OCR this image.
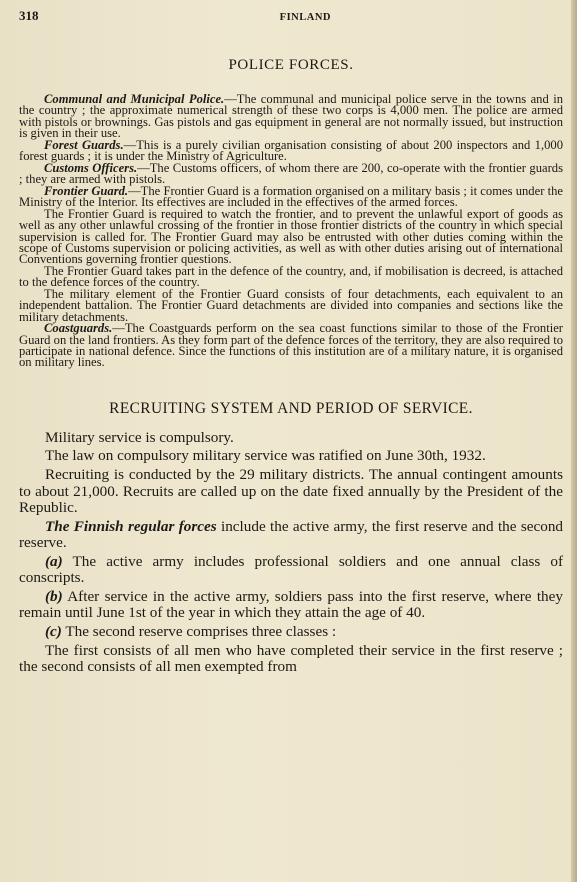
318	FINLAND
POLICE FORCES.

Communal and Municipal Police.—The communal and municipal police serve in the towns and in the country ; the approximate numerical strength of these two corps is 4,000 men. The police are armed with pistols or brownings. Gas pistols and gas equipment in general are not normally issued, but instruction is given in their use.

Forest Guards.—This is a purely civilian organisation consisting of about 200 inspectors and 1,000 forest guards ; it is under the Ministry of Agriculture.

Customs Officers.—The Customs officers, of whom there are 200, co-operate with the frontier guards ; they are armed with pistols.

Frontier Guard.—The Frontier Guard is a formation organised on a military basis ; it comes under the Ministry of the Interior. Its effectives are included in the effectives of the armed forces.

The Frontier Guard is required to watch the frontier, and to prevent the unlawful export of goods as well as any other unlawful crossing of the frontier in those frontier districts of the country in which special supervision is called for. The Frontier Guard may also be entrusted with other duties coming within the scope of Customs supervision or policing activities, as well as with other duties arising out of international Conventions governing frontier questions.

The Frontier Guard takes part in the defence of the country, and, if mobilisation is decreed, is attached to the defence forces of the country.

The military element of the Frontier Guard consists of four detachments, each equivalent to an independent battalion. The Frontier Guard detachments are divided into companies and sections like the military detachments.

Coastguards.—The Coastguards perform on the sea coast functions similar to those of the Frontier Guard on the land frontiers. As they form part of the defence forces of the territory, they are also required to participate in national defence. Since the functions of this institution are of a military nature, it is organised on military lines.

RECRUITING SYSTEM AND PERIOD OF SERVICE.

Military service is compulsory.

The law on compulsory military service was ratified on June 30th, 1932.

Recruiting is conducted by the 29 military districts. The annual contingent amounts to about 21,000. Recruits are called up on the date fixed annually by the President of the Republic.

The Finnish regular forces include the active army, the first reserve and the second reserve.

(a) The active army includes professional soldiers and one annual class of conscripts.

(b) After service in the active army, soldiers pass into the first reserve, where they remain until June 1st of the year in which they attain the age of 40.

(c) The second reserve comprises three classes :

The first consists of all men who have completed their service in the first reserve ; the second consists of all men exempted from
